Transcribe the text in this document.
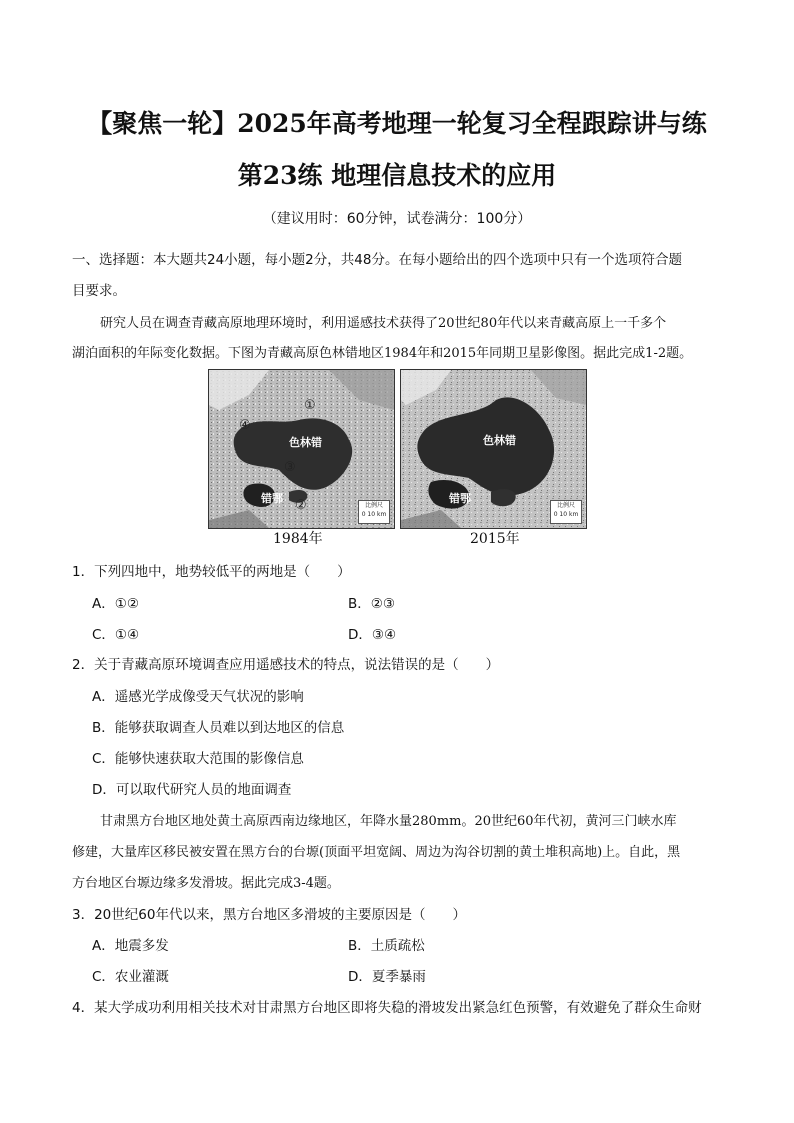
【聚焦一轮】2025年高考地理一轮复习全程跟踪讲与练
第23练 地理信息技术的应用
（建议用时：60分钟，试卷满分：100分）
一、选择题：本大题共24小题，每小题2分，共48分。在每小题给出的四个选项中只有一个选项符合题
目要求。
研究人员在调查青藏高原地理环境时，利用遥感技术获得了20世纪80年代以来青藏高原上一千多个
湖泊面积的年际变化数据。下图为青藏高原色林错地区1984年和2015年同期卫星影像图。据此完成1-2题。
①
④
③
②
色林错
错鄂
比例尺
0 10 km
色林错
错鄂
比例尺
0 10 km
1984年	2015年
1．下列四地中，地势较低平的两地是（　　）
A．①②	B．②③
C．①④	D．③④
2．关于青藏高原环境调查应用遥感技术的特点，说法错误的是（　　）
A．遥感光学成像受天气状况的影响
B．能够获取调查人员难以到达地区的信息
C．能够快速获取大范围的影像信息
D．可以取代研究人员的地面调查
甘肃黑方台地区地处黄土高原西南边缘地区，年降水量280mm。20世纪60年代初，黄河三门峡水库
修建，大量库区移民被安置在黑方台的台塬(顶面平坦宽阔、周边为沟谷切割的黄土堆积高地)上。自此，黑
方台地区台塬边缘多发滑坡。据此完成3-4题。
3．20世纪60年代以来，黑方台地区多滑坡的主要原因是（　　）
A．地震多发	B．土质疏松
C．农业灌溉	D．夏季暴雨
4．某大学成功利用相关技术对甘肃黑方台地区即将失稳的滑坡发出紧急红色预警，有效避免了群众生命财
